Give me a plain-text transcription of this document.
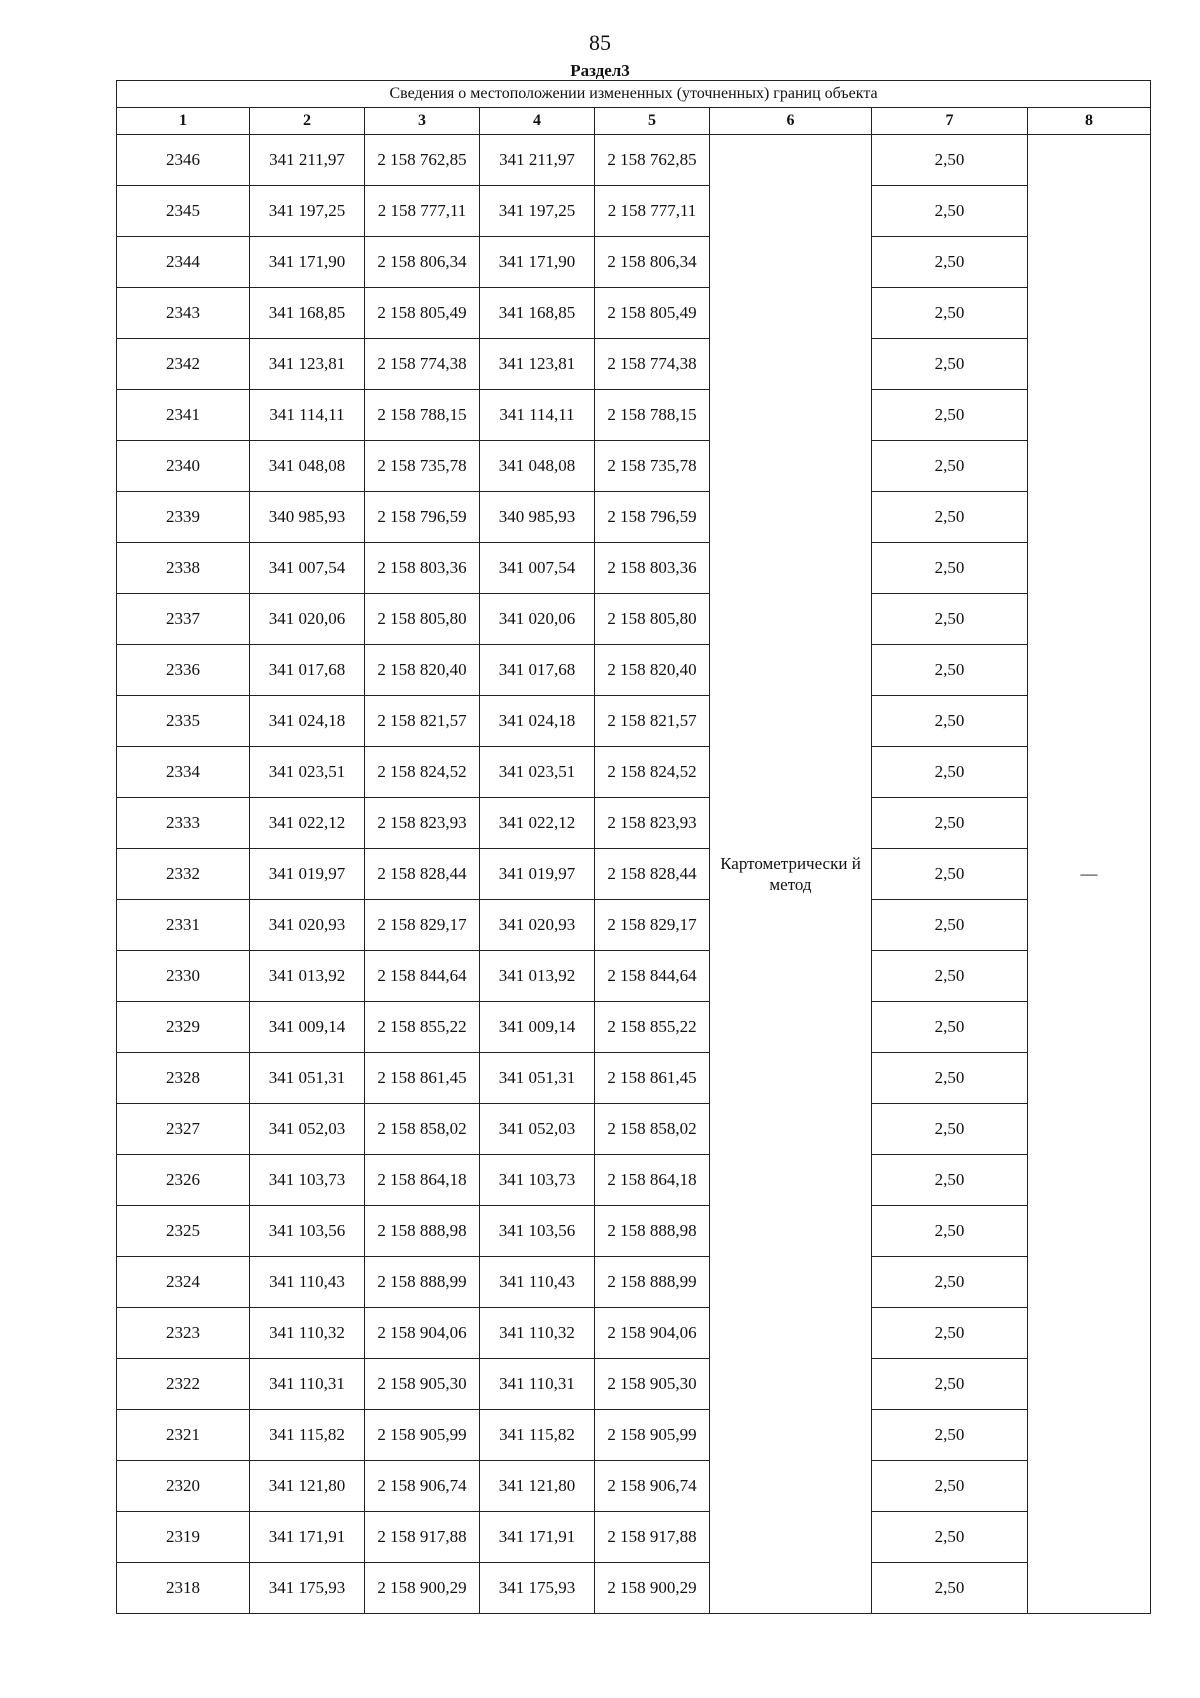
85
Раздел3
Сведения о местоположении измененных (уточненных) границ объекта							
1	2	3	4	5	6	7	8
2346	341 211,97	2 158 762,85	341 211,97	2 158 762,85	Картометрически й метод	2,50	—
2345	341 197,25	2 158 777,11	341 197,25	2 158 777,11		2,50	
2344	341 171,90	2 158 806,34	341 171,90	2 158 806,34		2,50	
2343	341 168,85	2 158 805,49	341 168,85	2 158 805,49		2,50	
2342	341 123,81	2 158 774,38	341 123,81	2 158 774,38		2,50	
2341	341 114,11	2 158 788,15	341 114,11	2 158 788,15		2,50	
2340	341 048,08	2 158 735,78	341 048,08	2 158 735,78		2,50	
2339	340 985,93	2 158 796,59	340 985,93	2 158 796,59		2,50	
2338	341 007,54	2 158 803,36	341 007,54	2 158 803,36		2,50	
2337	341 020,06	2 158 805,80	341 020,06	2 158 805,80		2,50	
2336	341 017,68	2 158 820,40	341 017,68	2 158 820,40		2,50	
2335	341 024,18	2 158 821,57	341 024,18	2 158 821,57		2,50	
2334	341 023,51	2 158 824,52	341 023,51	2 158 824,52		2,50	
2333	341 022,12	2 158 823,93	341 022,12	2 158 823,93		2,50	
2332	341 019,97	2 158 828,44	341 019,97	2 158 828,44		2,50	
2331	341 020,93	2 158 829,17	341 020,93	2 158 829,17		2,50	
2330	341 013,92	2 158 844,64	341 013,92	2 158 844,64		2,50	
2329	341 009,14	2 158 855,22	341 009,14	2 158 855,22		2,50	
2328	341 051,31	2 158 861,45	341 051,31	2 158 861,45		2,50	
2327	341 052,03	2 158 858,02	341 052,03	2 158 858,02		2,50	
2326	341 103,73	2 158 864,18	341 103,73	2 158 864,18		2,50	
2325	341 103,56	2 158 888,98	341 103,56	2 158 888,98		2,50	
2324	341 110,43	2 158 888,99	341 110,43	2 158 888,99		2,50	
2323	341 110,32	2 158 904,06	341 110,32	2 158 904,06		2,50	
2322	341 110,31	2 158 905,30	341 110,31	2 158 905,30		2,50	
2321	341 115,82	2 158 905,99	341 115,82	2 158 905,99		2,50	
2320	341 121,80	2 158 906,74	341 121,80	2 158 906,74		2,50	
2319	341 171,91	2 158 917,88	341 171,91	2 158 917,88		2,50	
2318	341 175,93	2 158 900,29	341 175,93	2 158 900,29		2,50	
